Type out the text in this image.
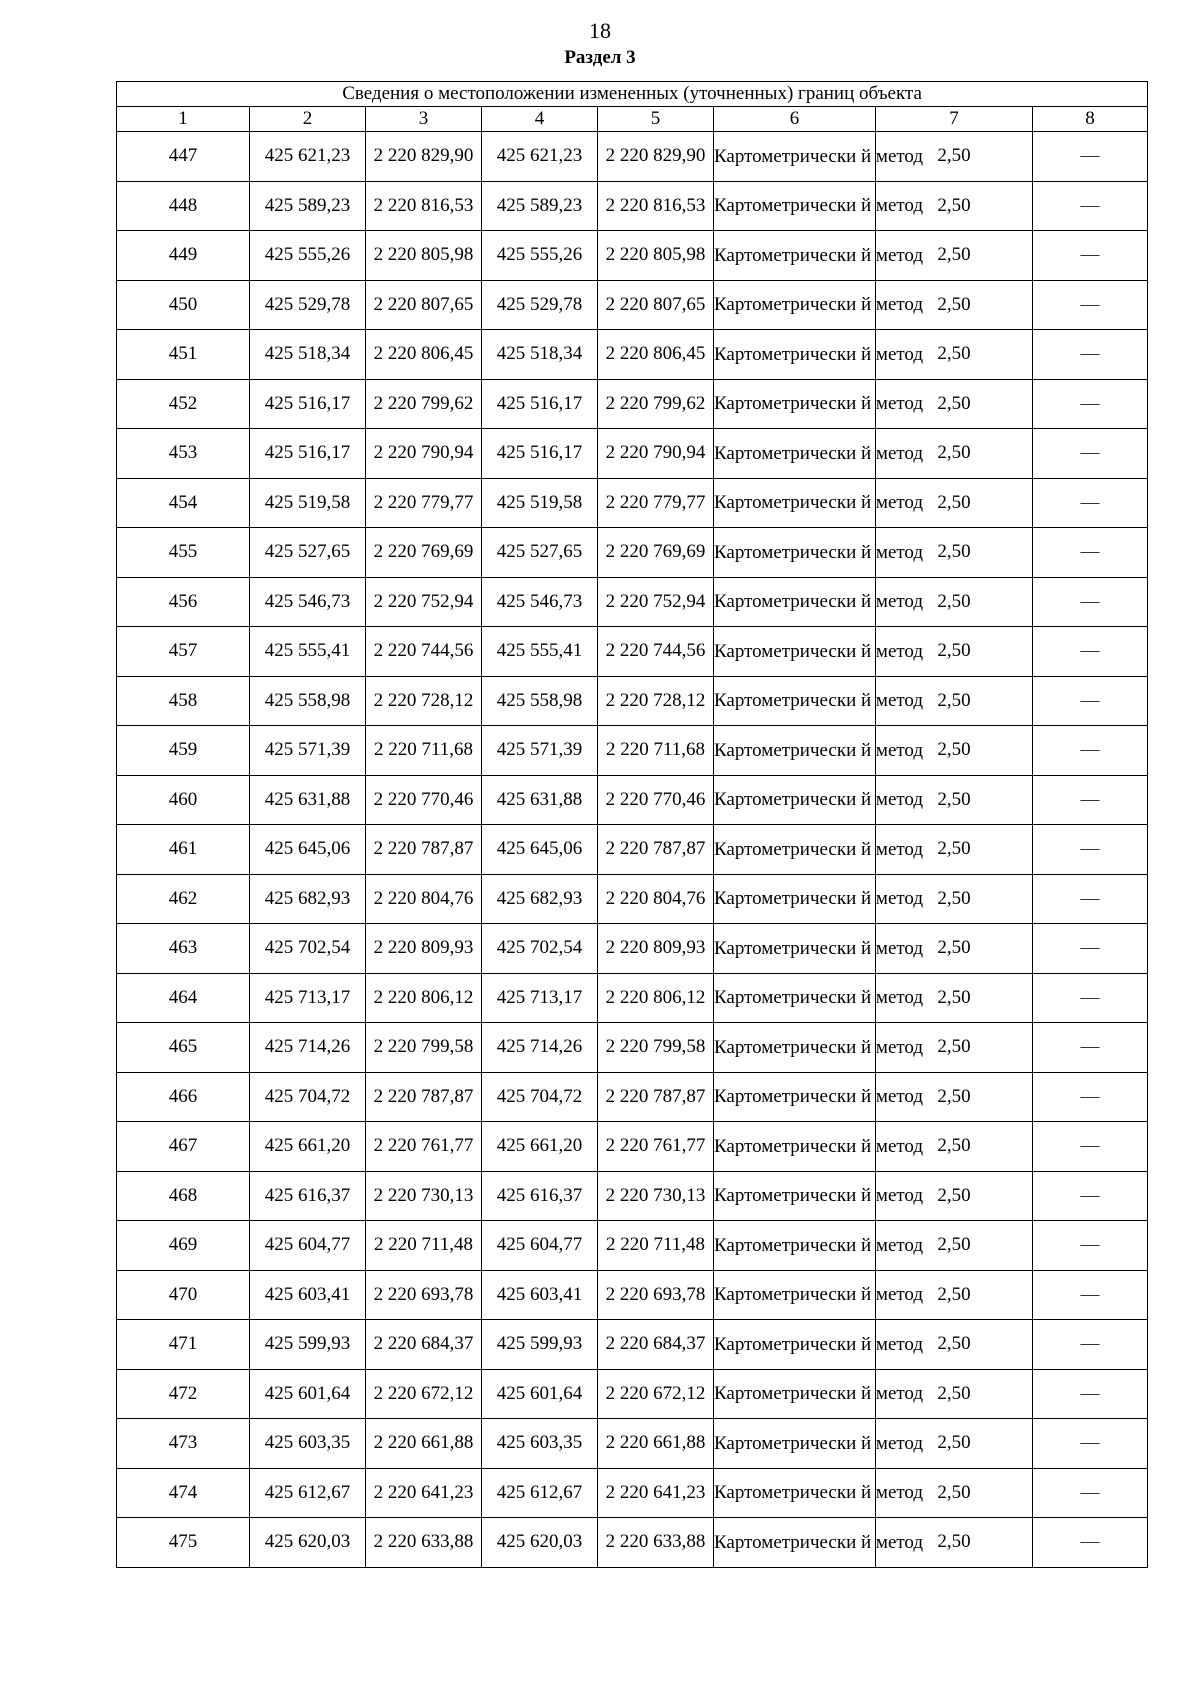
18
Раздел 3
Сведения о местоположении измененных (уточненных) границ объекта							
1	2	3	4	5	6	7	8
447	425 621,23	2 220 829,90	425 621,23	2 220 829,90	Картометрически й метод	2,50	—
448	425 589,23	2 220 816,53	425 589,23	2 220 816,53	Картометрически й метод	2,50	—
449	425 555,26	2 220 805,98	425 555,26	2 220 805,98	Картометрически й метод	2,50	—
450	425 529,78	2 220 807,65	425 529,78	2 220 807,65	Картометрически й метод	2,50	—
451	425 518,34	2 220 806,45	425 518,34	2 220 806,45	Картометрически й метод	2,50	—
452	425 516,17	2 220 799,62	425 516,17	2 220 799,62	Картометрически й метод	2,50	—
453	425 516,17	2 220 790,94	425 516,17	2 220 790,94	Картометрически й метод	2,50	—
454	425 519,58	2 220 779,77	425 519,58	2 220 779,77	Картометрически й метод	2,50	—
455	425 527,65	2 220 769,69	425 527,65	2 220 769,69	Картометрически й метод	2,50	—
456	425 546,73	2 220 752,94	425 546,73	2 220 752,94	Картометрически й метод	2,50	—
457	425 555,41	2 220 744,56	425 555,41	2 220 744,56	Картометрически й метод	2,50	—
458	425 558,98	2 220 728,12	425 558,98	2 220 728,12	Картометрически й метод	2,50	—
459	425 571,39	2 220 711,68	425 571,39	2 220 711,68	Картометрически й метод	2,50	—
460	425 631,88	2 220 770,46	425 631,88	2 220 770,46	Картометрически й метод	2,50	—
461	425 645,06	2 220 787,87	425 645,06	2 220 787,87	Картометрически й метод	2,50	—
462	425 682,93	2 220 804,76	425 682,93	2 220 804,76	Картометрически й метод	2,50	—
463	425 702,54	2 220 809,93	425 702,54	2 220 809,93	Картометрически й метод	2,50	—
464	425 713,17	2 220 806,12	425 713,17	2 220 806,12	Картометрически й метод	2,50	—
465	425 714,26	2 220 799,58	425 714,26	2 220 799,58	Картометрически й метод	2,50	—
466	425 704,72	2 220 787,87	425 704,72	2 220 787,87	Картометрически й метод	2,50	—
467	425 661,20	2 220 761,77	425 661,20	2 220 761,77	Картометрически й метод	2,50	—
468	425 616,37	2 220 730,13	425 616,37	2 220 730,13	Картометрически й метод	2,50	—
469	425 604,77	2 220 711,48	425 604,77	2 220 711,48	Картометрически й метод	2,50	—
470	425 603,41	2 220 693,78	425 603,41	2 220 693,78	Картометрически й метод	2,50	—
471	425 599,93	2 220 684,37	425 599,93	2 220 684,37	Картометрически й метод	2,50	—
472	425 601,64	2 220 672,12	425 601,64	2 220 672,12	Картометрически й метод	2,50	—
473	425 603,35	2 220 661,88	425 603,35	2 220 661,88	Картометрически й метод	2,50	—
474	425 612,67	2 220 641,23	425 612,67	2 220 641,23	Картометрически й метод	2,50	—
475	425 620,03	2 220 633,88	425 620,03	2 220 633,88	Картометрически й метод	2,50	—
